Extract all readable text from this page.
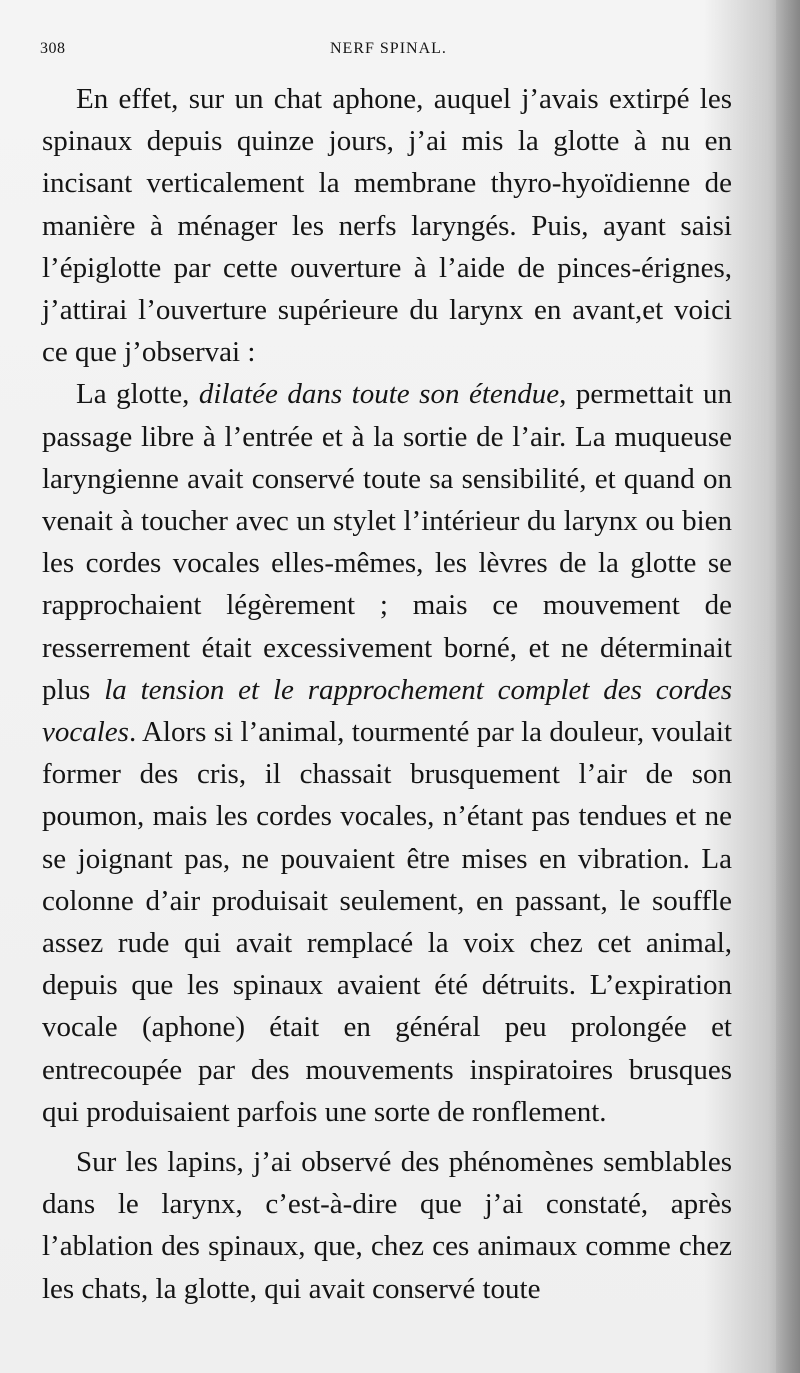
308	NERF SPINAL.

En effet, sur un chat aphone, auquel j’avais extirpé les spinaux depuis quinze jours, j’ai mis la glotte à nu en incisant verticalement la membrane thyro-hyoïdienne de manière à ménager les nerfs laryngés. Puis, ayant saisi l’épiglotte par cette ouverture à l’aide de pinces-érignes, j’attirai l’ouverture supérieure du larynx en avant,et voici ce que j’observai :

La glotte, dilatée dans toute son étendue, permettait un passage libre à l’entrée et à la sortie de l’air. La muqueuse laryngienne avait conservé toute sa sensibilité, et quand on venait à toucher avec un stylet l’intérieur du larynx ou bien les cordes vocales elles-mêmes, les lèvres de la glotte se rapprochaient légèrement ; mais ce mouvement de resserrement était excessivement borné, et ne déterminait plus la tension et le rapprochement complet des cordes vocales. Alors si l’animal, tourmenté par la douleur, voulait former des cris, il chassait brusquement l’air de son poumon, mais les cordes vocales, n’étant pas tendues et ne se joignant pas, ne pouvaient être mises en vibration. La colonne d’air produisait seulement, en passant, le souffle assez rude qui avait remplacé la voix chez cet animal, depuis que les spinaux avaient été détruits. L’expiration vocale (aphone) était en général peu prolongée et entrecoupée par des mouvements inspiratoires brusques qui produisaient parfois une sorte de ronflement.

Sur les lapins, j’ai observé des phénomènes semblables dans le larynx, c’est-à-dire que j’ai constaté, après l’ablation des spinaux, que, chez ces animaux comme chez les chats, la glotte, qui avait conservé toute
